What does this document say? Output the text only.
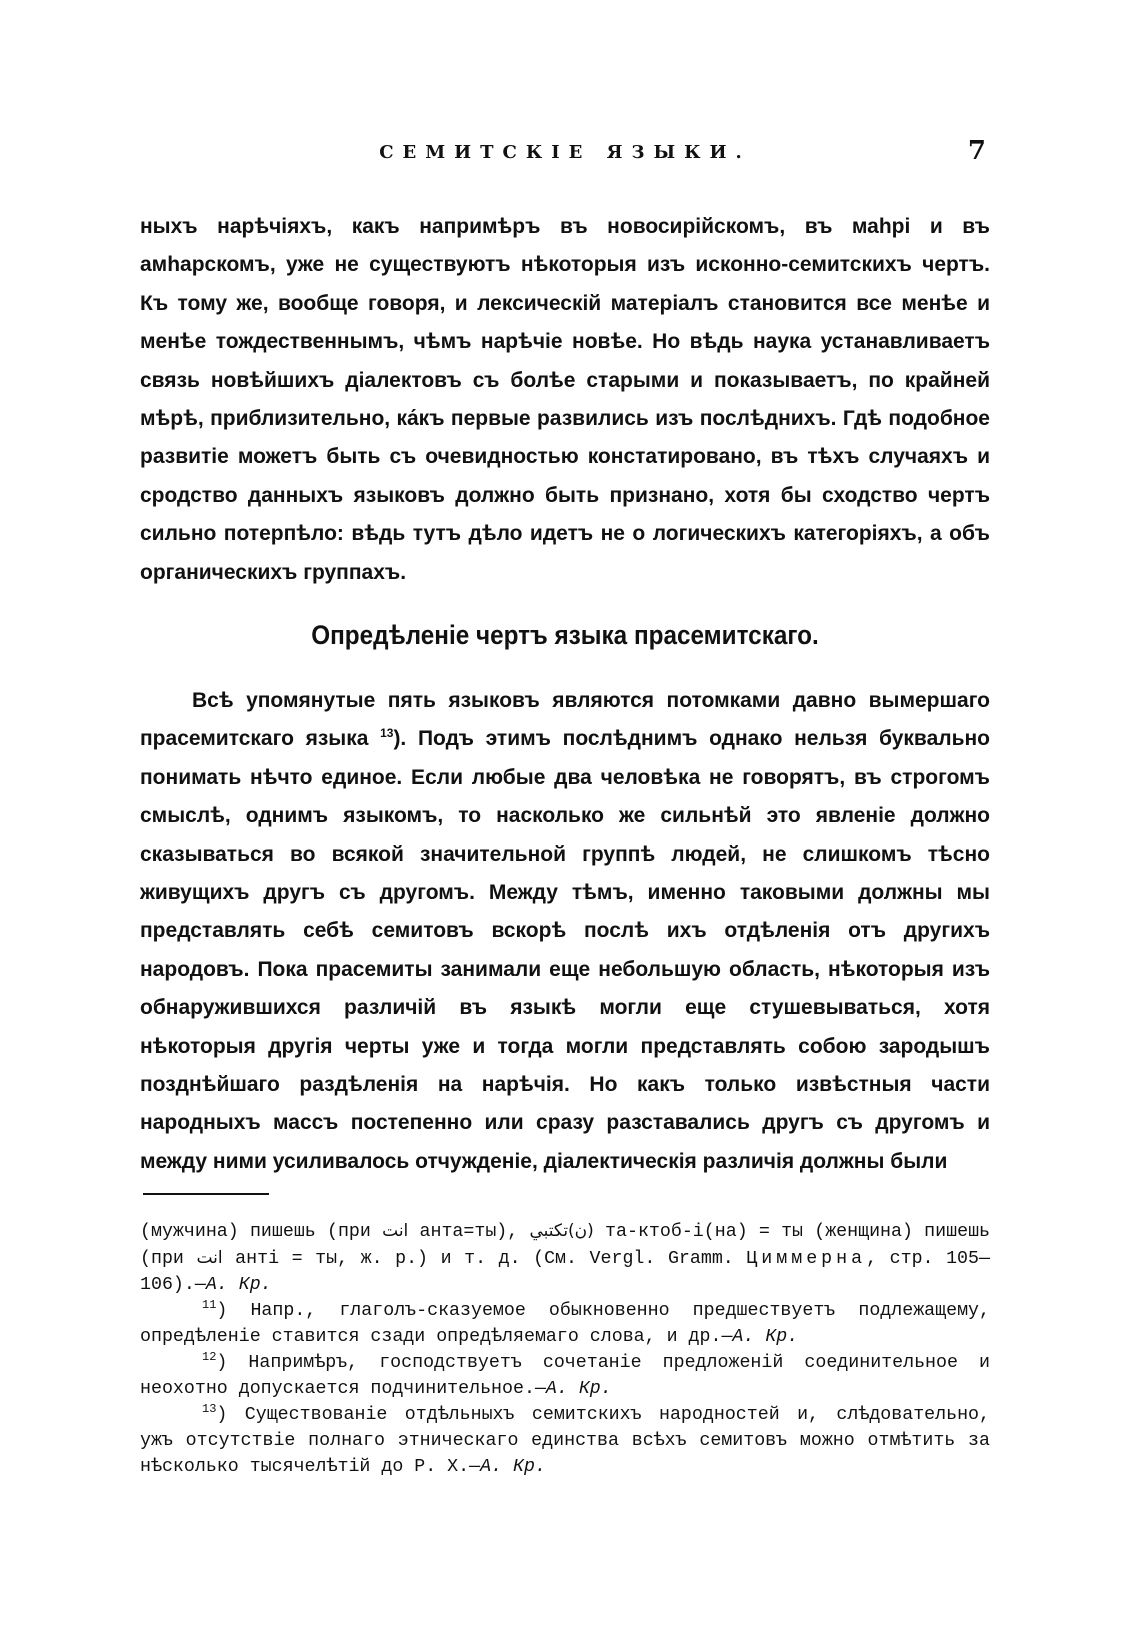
СЕМИТСКІЕ ЯЗЫКИ.	7

ныхъ нарѣчіяхъ, какъ напримѣръ въ новосирійскомъ, въ маһрі и въ амһарскомъ, уже не существуютъ нѣкоторыя изъ исконно-семитскихъ чертъ. Къ тому же, вообще говоря, и лексическій матеріалъ становится все менѣе и менѣе тождественнымъ, чѣмъ нарѣчіе новѣе. Но вѣдь наука устанавливаетъ связь новѣйшихъ діалектовъ съ болѣе старыми и показываетъ, по крайней мѣрѣ, приблизительно, ка́къ первые развились изъ послѣднихъ. Гдѣ подобное развитіе можетъ быть съ очевидностью констатировано, въ тѣхъ случаяхъ и сродство данныхъ языковъ должно быть признано, хотя бы сходство чертъ сильно потерпѣло: вѣдь тутъ дѣло идетъ не о логическихъ категоріяхъ, а объ органическихъ группахъ.

Опредѣленіе чертъ языка прасемитскаго.

Всѣ упомянутые пять языковъ являются потомками давно вымершаго прасемитскаго языка $^{13}$). Подъ этимъ послѣднимъ однако нельзя буквально понимать нѣчто единое. Если любые два человѣка не говорятъ, въ строгомъ смыслѣ, однимъ языкомъ, то насколько же сильнѣй это явленіе должно сказываться во всякой значительной группѣ людей, не слишкомъ тѣсно живущихъ другъ съ другомъ. Между тѣмъ, именно таковыми должны мы представлять себѣ семитовъ вскорѣ послѣ ихъ отдѣленія отъ другихъ народовъ. Пока прасемиты занимали еще небольшую область, нѣкоторыя изъ обнаружившихся различій въ языкѣ могли еще стушевываться, хотя нѣкоторыя другія черты уже и тогда могли представлять собою зародышъ позднѣйшаго раздѣленія на нарѣчія. Но какъ только извѣстныя части народныхъ массъ постепенно или сразу разставались другъ съ другомъ и между ними усиливалось отчужденіе, діалектическія различія должны были

(мужчина) пишешь (при انت анта=ты), (ن)تكتبي та-ктоб-і(на) = ты (женщина) пишешь (при انت анті = ты, ж. р.) и т. д. (См. Vergl. Gramm. Циммерна, стр. 105—106).—А. Кр.

$^{11}$) Напр., глаголъ-сказуемое обыкновенно предшествуетъ подлежащему, опредѣленіе ставится сзади опредѣляемаго слова, и др.—А. Кр.

$^{12}$) Напримѣръ, господствуетъ сочетаніе предложеній соединительное и неохотно допускается подчинительное.—А. Кр.

$^{13}$) Существованіе отдѣльныхъ семитскихъ народностей и, слѣдовательно, ужъ отсутствіе полнаго этническаго единства всѣхъ семитовъ можно отмѣтить за нѣсколько тысячелѣтій до Р. Х.—А. Кр.
